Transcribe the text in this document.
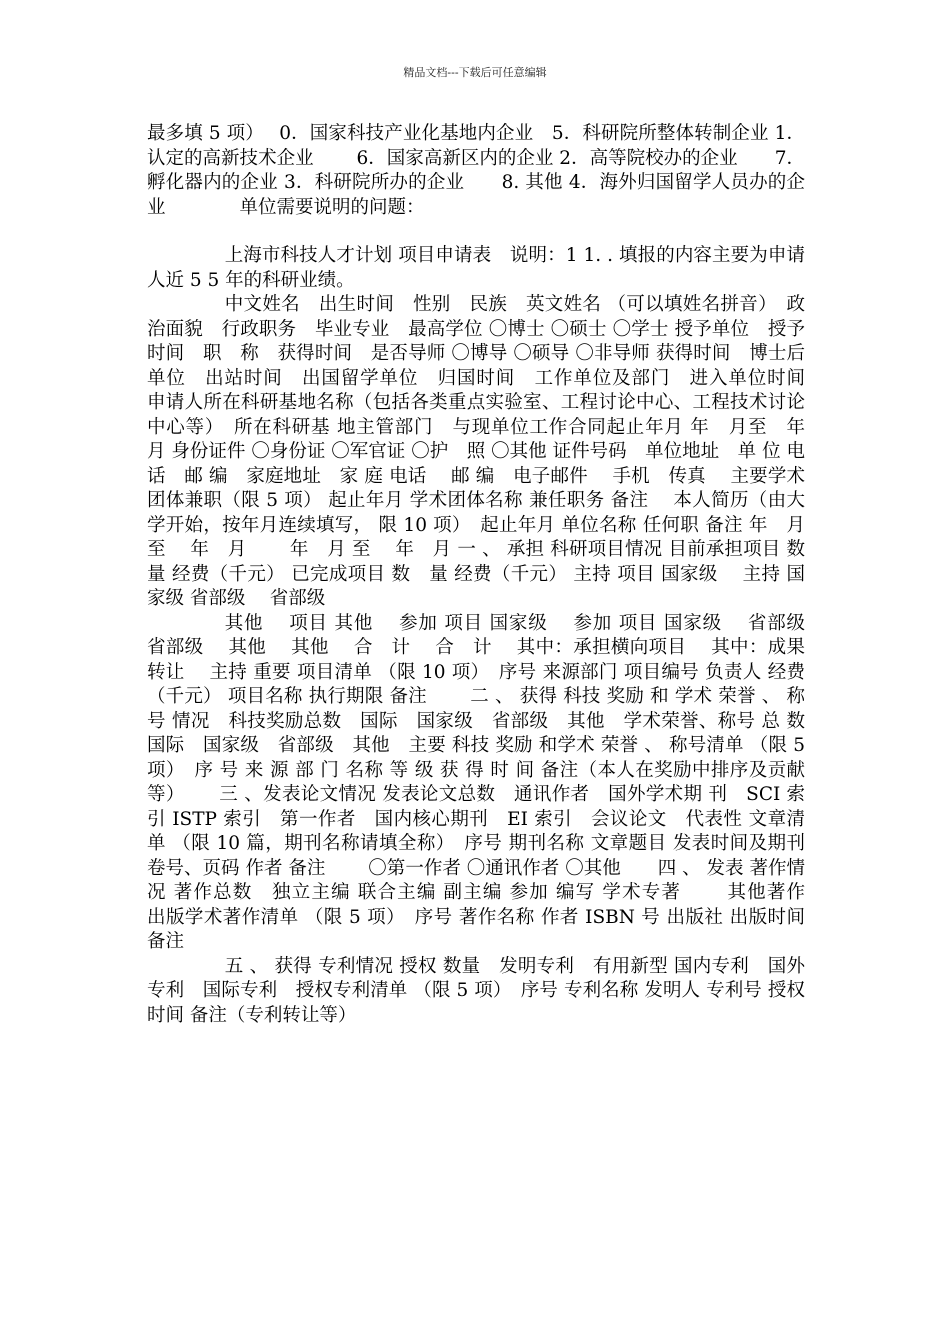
精品文档---下载后可任意编辑

最多填 5 项）　 0．国家科技产业化基地内企业　5．科研院所整体转制企业 1．认定的高新技术企业　　 6．国家高新区内的企业 2．高等院校办的企业　　7．孵化器内的企业 3．科研院所办的企业　　8. 其他 4．海外归国留学人员办的企业　　　　单位需要说明的问题：

上海市科技人才计划 项目申请表　说明：1 1. . 填报的内容主要为申请人近 5 5 年的科研业绩。

中文姓名　出生时间　性别　民族　英文姓名 （可以填姓名拼音）　政治面貌　行政职务　毕业专业　最高学位 〇博士 〇硕士 〇学士 授予单位　授予时间　职　称　获得时间　是否导师 〇博导 〇硕导 〇非导师 获得时间　博士后单位　出站时间　出国留学单位　归国时间　工作单位及部门　进入单位时间　申请人所在科研基地名称（包括各类重点实验室、工程讨论中心、工程技术讨论中心等）　所在科研基 地主管部门　与现单位工作合同起止年月 年　月至　年　月 身份证件 〇身份证 〇军官证 〇护　照 〇其他 证件号码　单位地址　单 位 电话　邮 编　家庭地址　家 庭 电话　 邮 编　电子邮件　 手机　传真　 主要学术 团体兼职（限 5 项） 起止年月 学术团体名称 兼任职务 备注　 本人简历（由大学开始，按年月连续填写， 限 10 项）　起止年月 单位名称 任何职 备注 年　月 至　 年　月　　 年　月 至　 年　月 一 、 承担 科研项目情况 目前承担项目 数　量 经费（千元） 已完成项目 数　量 经费（千元） 主持 项目 国家级　 主持 国家级 省部级　 省部级

其他　 项目 其他　 参加 项目 国家级　 参加 项目 国家级　 省部级　 省部级　 其他　 其他　 合　计　 合　计　 其中：承担横向项目　 其中：成果转让　 主持 重要 项目清单 （限 10 项）　序号 来源部门 项目编号 负责人 经费（千元） 项目名称 执行期限 备注　　 二 、 获得 科技 奖励 和 学术 荣誉 、 称号 情况　科技奖励总数　国际　国家级　省部级　其他　学术荣誉、称号 总 数　国际　国家级　省部级　其他　主要 科技 奖励 和学术 荣誉 、 称号清单 （限 5 项）　序 号 来 源 部 门 名称 等 级 获 得 时 间 备注（本人在奖励中排序及贡献等）　　 三 、发表论文情况 发表论文总数　通讯作者　国外学术期 刊　SCI 索引 ISTP 索引　第一作者　国内核心期刊　EI 索引　会议论文　代表性 文章清单 （限 10 篇，期刊名称请填全称）　序号 期刊名称 文章题目 发表时间及期刊卷号、页码 作者 备注　　 〇第一作者 〇通讯作者 〇其他　　四 、 发表 著作情况 著作总数　独立主编 联合主编 副主编 参加 编写 学术专著　　 其他著作　　出版学术著作清单 （限 5 项）　序号 著作名称 作者 ISBN 号 出版社 出版时间 备注

五 、 获得 专利情况 授权 数量　发明专利　有用新型 国内专利　国外专利　国际专利　授权专利清单 （限 5 项）　序号 专利名称 发明人 专利号 授权时间 备注（专利转让等）
